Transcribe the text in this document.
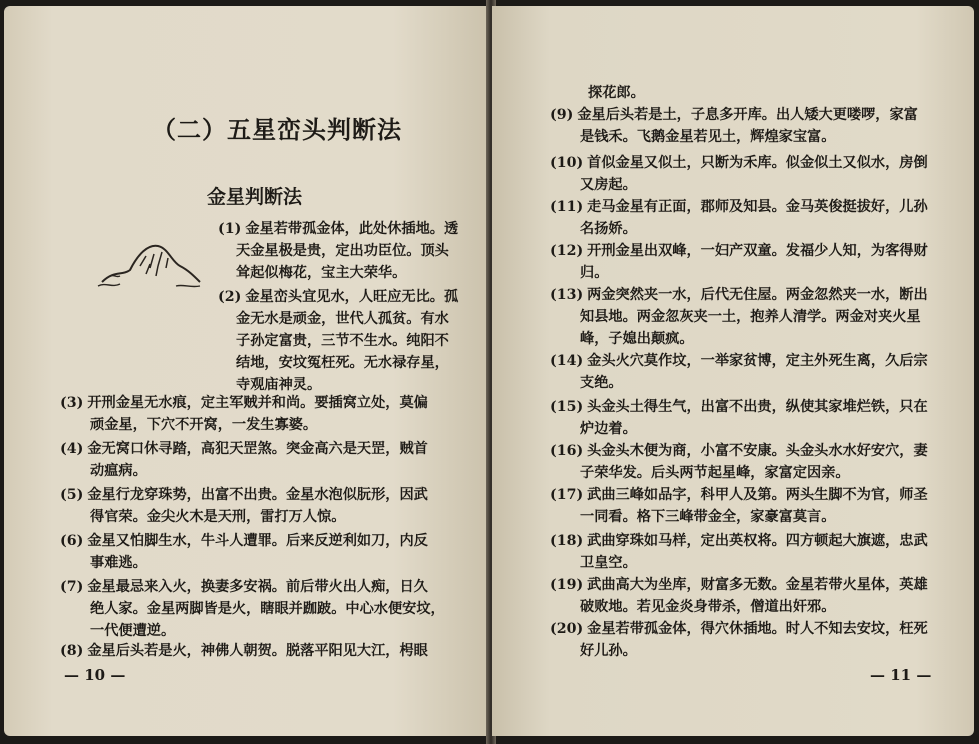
（二）五星峦头判断法
金星判断法
(1) 金星若带孤金体，此处休插地。透
天金星极是贵，定出功臣位。顶头
耸起似梅花，宝主大荣华。
(2) 金星峦头宜见水，人旺应无比。孤
金无水是顽金，世代人孤贫。有水
子孙定富贵，三节不生水。纯阳不
结地，安坟冤枉死。无水禄存星，
寺观庙神灵。
(3) 开刑金星无水痕，定主军贼并和尚。要插窝立处，莫偏
顽金星，下穴不开窝，一发生寡婆。
(4) 金无窝口休寻踏，高犯天罡煞。突金高六是天罡，贼首
动瘟病。
(5) 金星行龙穿珠势，出富不出贵。金星水泡似朊形，因武
得官荣。金尖火木是天刑，雷打万人惊。
(6) 金星又怕脚生水，牛斗人遭罪。后来反逆利如刀，内反
事难逃。
(7) 金星最忌来入火，换妻多安祸。前后带火出人痴，日久
绝人家。金星两脚皆是火，瞎眼并跏跛。中心水便安坟，
一代便遭逆。
(8) 金星后头若是火，神佛人朝贺。脱落平阳见大江，枵眼
— 10 —
探花郎。
(9) 金星后头若是土，子息多开库。出人矮大更喽啰，家富
是钱禾。飞鹅金星若见土，辉煌家宝富。
(10) 首似金星又似土，只断为禾库。似金似土又似水，房倒
又房起。
(11) 走马金星有正面，郡师及知县。金马英俊挺拔好，儿孙
名扬娇。
(12) 开刑金星出双峰，一妇产双童。发福少人知，为客得财
归。
(13) 两金突然夹一水，后代无住屋。两金忽然夹一水，断出
知县地。两金忽灰夹一土，抱养人清学。两金对夹火星
峰，子媳出颠疯。
(14) 金头火穴莫作坟，一举家贫博，定主外死生离，久后宗
支绝。
(15) 头金头土得生气，出富不出贵，纵使其家堆烂铁，只在
炉边着。
(16) 头金头木便为商，小富不安康。头金头水水好安穴，妻
子荣华发。后头两节起星峰，家富定因亲。
(17) 武曲三峰如品字，科甲人及第。两头生脚不为官，师圣
一同看。格下三峰带金全，家豪富莫言。
(18) 武曲穿珠如马样，定出英权将。四方顿起大旗遮，忠武
卫皇空。
(19) 武曲高大为坐库，财富多无数。金星若带火星体，英雄
破败地。若见金炎身带杀，僧道出奸邪。
(20) 金星若带孤金体，得穴休插地。时人不知去安坟，枉死
好儿孙。
— 11 —
